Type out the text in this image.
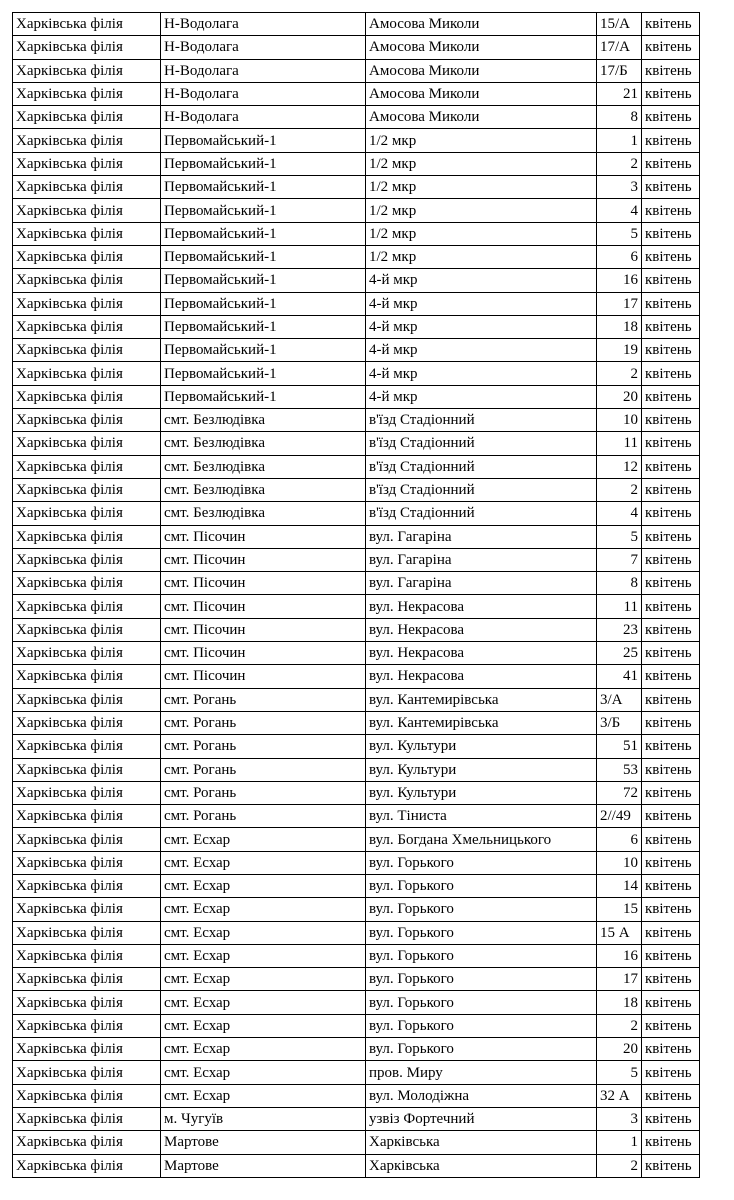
Харківська філія	Н-Водолага	Амосова Миколи	15/А	квітень
Харківська філія	Н-Водолага	Амосова Миколи	17/А	квітень
Харківська філія	Н-Водолага	Амосова Миколи	17/Б	квітень
Харківська філія	Н-Водолага	Амосова Миколи	21	квітень
Харківська філія	Н-Водолага	Амосова Миколи	8	квітень
Харківська філія	Первомайський-1	1/2 мкр	1	квітень
Харківська філія	Первомайський-1	1/2 мкр	2	квітень
Харківська філія	Первомайський-1	1/2 мкр	3	квітень
Харківська філія	Первомайський-1	1/2 мкр	4	квітень
Харківська філія	Первомайський-1	1/2 мкр	5	квітень
Харківська філія	Первомайський-1	1/2 мкр	6	квітень
Харківська філія	Первомайський-1	4-й мкр	16	квітень
Харківська філія	Первомайський-1	4-й мкр	17	квітень
Харківська філія	Первомайський-1	4-й мкр	18	квітень
Харківська філія	Первомайський-1	4-й мкр	19	квітень
Харківська філія	Первомайський-1	4-й мкр	2	квітень
Харківська філія	Первомайський-1	4-й мкр	20	квітень
Харківська філія	смт. Безлюдівка	в'їзд Стадіонний	10	квітень
Харківська філія	смт. Безлюдівка	в'їзд Стадіонний	11	квітень
Харківська філія	смт. Безлюдівка	в'їзд Стадіонний	12	квітень
Харківська філія	смт. Безлюдівка	в'їзд Стадіонний	2	квітень
Харківська філія	смт. Безлюдівка	в'їзд Стадіонний	4	квітень
Харківська філія	смт. Пісочин	вул. Гагаріна	5	квітень
Харківська філія	смт. Пісочин	вул. Гагаріна	7	квітень
Харківська філія	смт. Пісочин	вул. Гагаріна	8	квітень
Харківська філія	смт. Пісочин	вул. Некрасова	11	квітень
Харківська філія	смт. Пісочин	вул. Некрасова	23	квітень
Харківська філія	смт. Пісочин	вул. Некрасова	25	квітень
Харківська філія	смт. Пісочин	вул. Некрасова	41	квітень
Харківська філія	смт. Рогань	вул. Кантемирівська	3/А	квітень
Харківська філія	смт. Рогань	вул. Кантемирівська	3/Б	квітень
Харківська філія	смт. Рогань	вул. Культури	51	квітень
Харківська філія	смт. Рогань	вул. Культури	53	квітень
Харківська філія	смт. Рогань	вул. Культури	72	квітень
Харківська філія	смт. Рогань	вул. Тіниста	2//49	квітень
Харківська філія	смт. Есхар	вул. Богдана Хмельницького	6	квітень
Харківська філія	смт. Есхар	вул. Горького	10	квітень
Харківська філія	смт. Есхар	вул. Горького	14	квітень
Харківська філія	смт. Есхар	вул. Горького	15	квітень
Харківська філія	смт. Есхар	вул. Горького	15 А	квітень
Харківська філія	смт. Есхар	вул. Горького	16	квітень
Харківська філія	смт. Есхар	вул. Горького	17	квітень
Харківська філія	смт. Есхар	вул. Горького	18	квітень
Харківська філія	смт. Есхар	вул. Горького	2	квітень
Харківська філія	смт. Есхар	вул. Горького	20	квітень
Харківська філія	смт. Есхар	пров. Миру	5	квітень
Харківська філія	смт. Есхар	вул. Молодіжна	32 А	квітень
Харківська філія	м. Чугуїв	узвіз Фортечний	3	квітень
Харківська філія	Мартове	Харківська	1	квітень
Харківська філія	Мартове	Харківська	2	квітень
